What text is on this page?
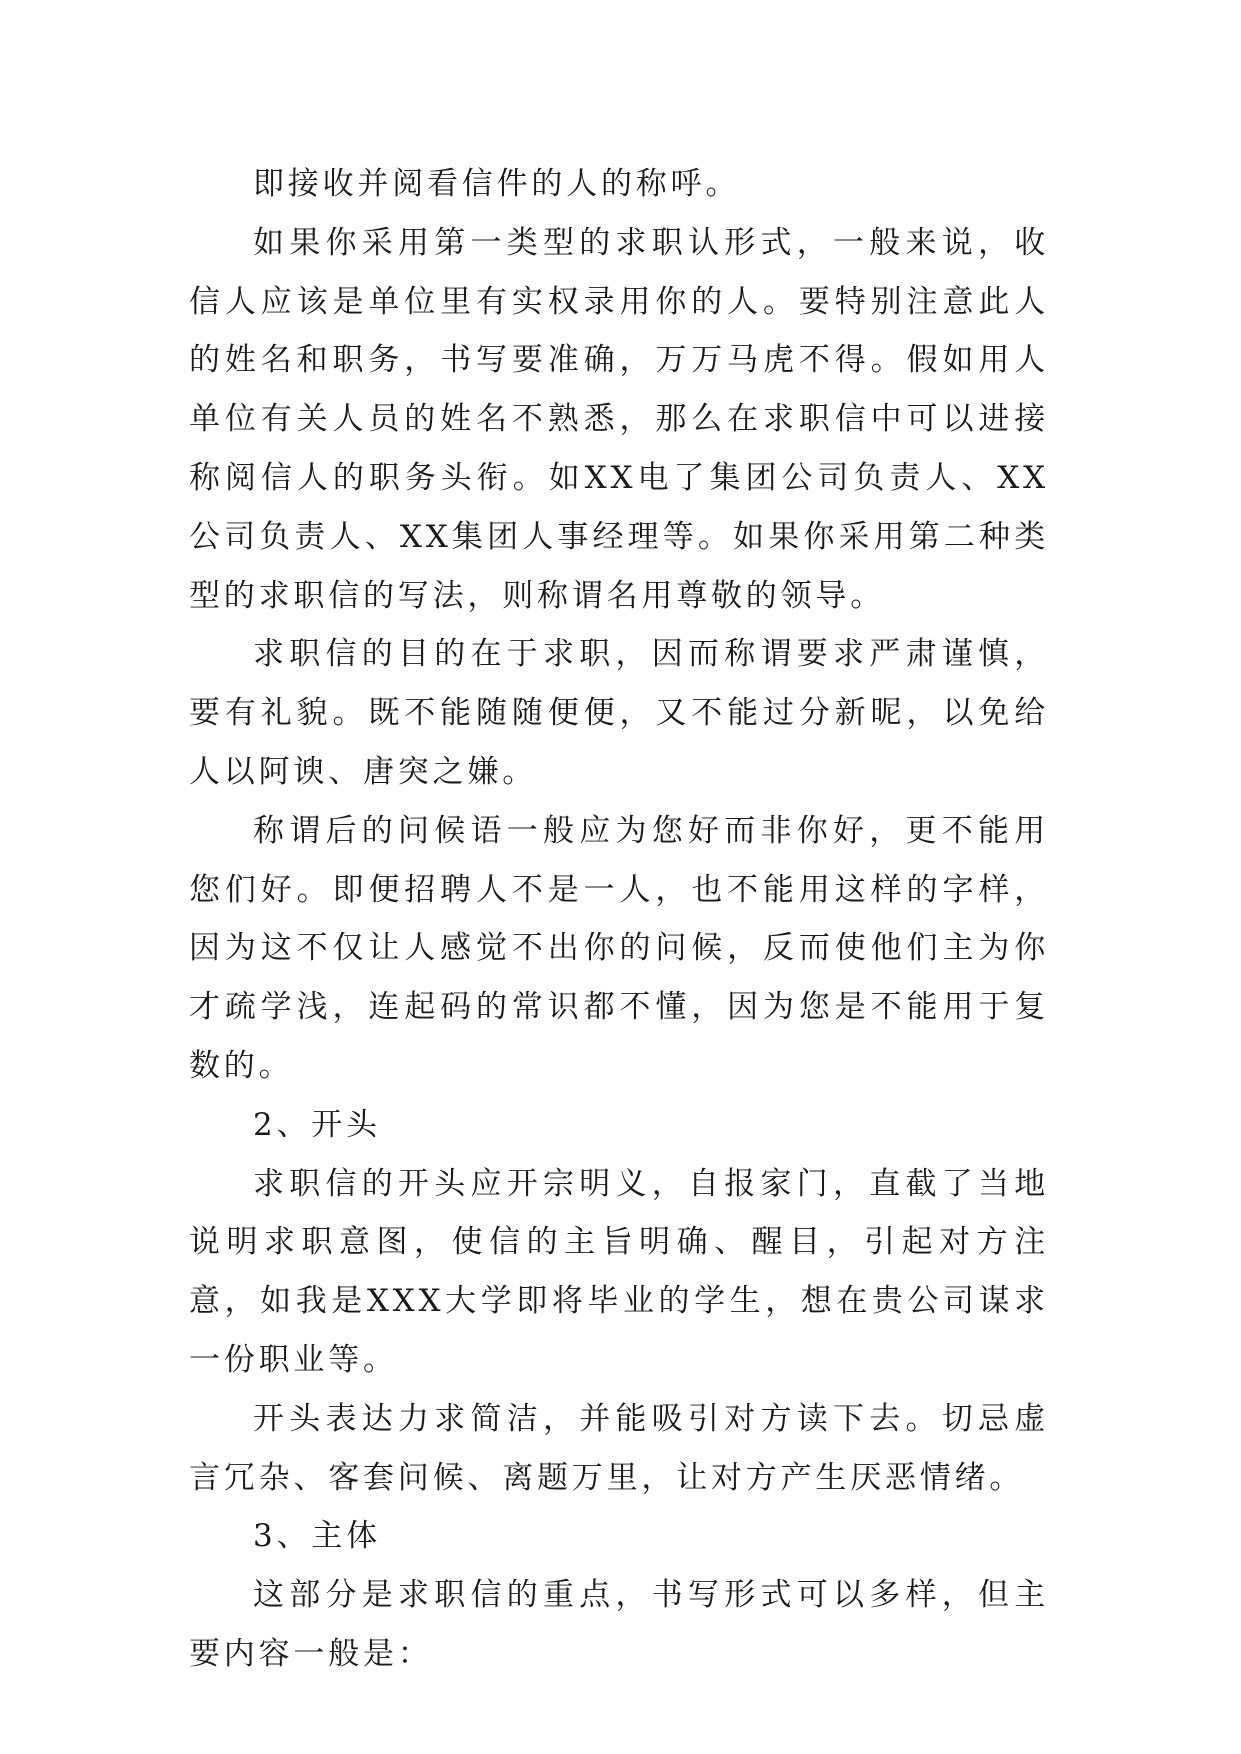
即接收并阅看信件的人的称呼。

如果你采用第一类型的求职认形式，一般来说，收信人应该是单位里有实权录用你的人。要特别注意此人的姓名和职务，书写要准确，万万马虎不得。假如用人单位有关人员的姓名不熟悉，那么在求职信中可以进接称阅信人的职务头衔。如XX电了集团公司负责人、XX公司负责人、XX集团人事经理等。如果你采用第二种类型的求职信的写法，则称谓名用尊敬的领导。

求职信的目的在于求职，因而称谓要求严肃谨慎，要有礼貌。既不能随随便便，又不能过分新昵，以免给人以阿谀、唐突之嫌。

称谓后的问候语一般应为您好而非你好，更不能用您们好。即便招聘人不是一人，也不能用这样的字样，因为这不仅让人感觉不出你的问候，反而使他们主为你才疏学浅，连起码的常识都不懂，因为您是不能用于复数的。

2、开头

求职信的开头应开宗明义，自报家门，直截了当地说明求职意图，使信的主旨明确、醒目，引起对方注意，如我是XXX大学即将毕业的学生，想在贵公司谋求一份职业等。

开头表达力求简洁，并能吸引对方读下去。切忌虚言冗杂、客套问候、离题万里，让对方产生厌恶情绪。

3、主体

这部分是求职信的重点，书写形式可以多样，但主要内容一般是：
